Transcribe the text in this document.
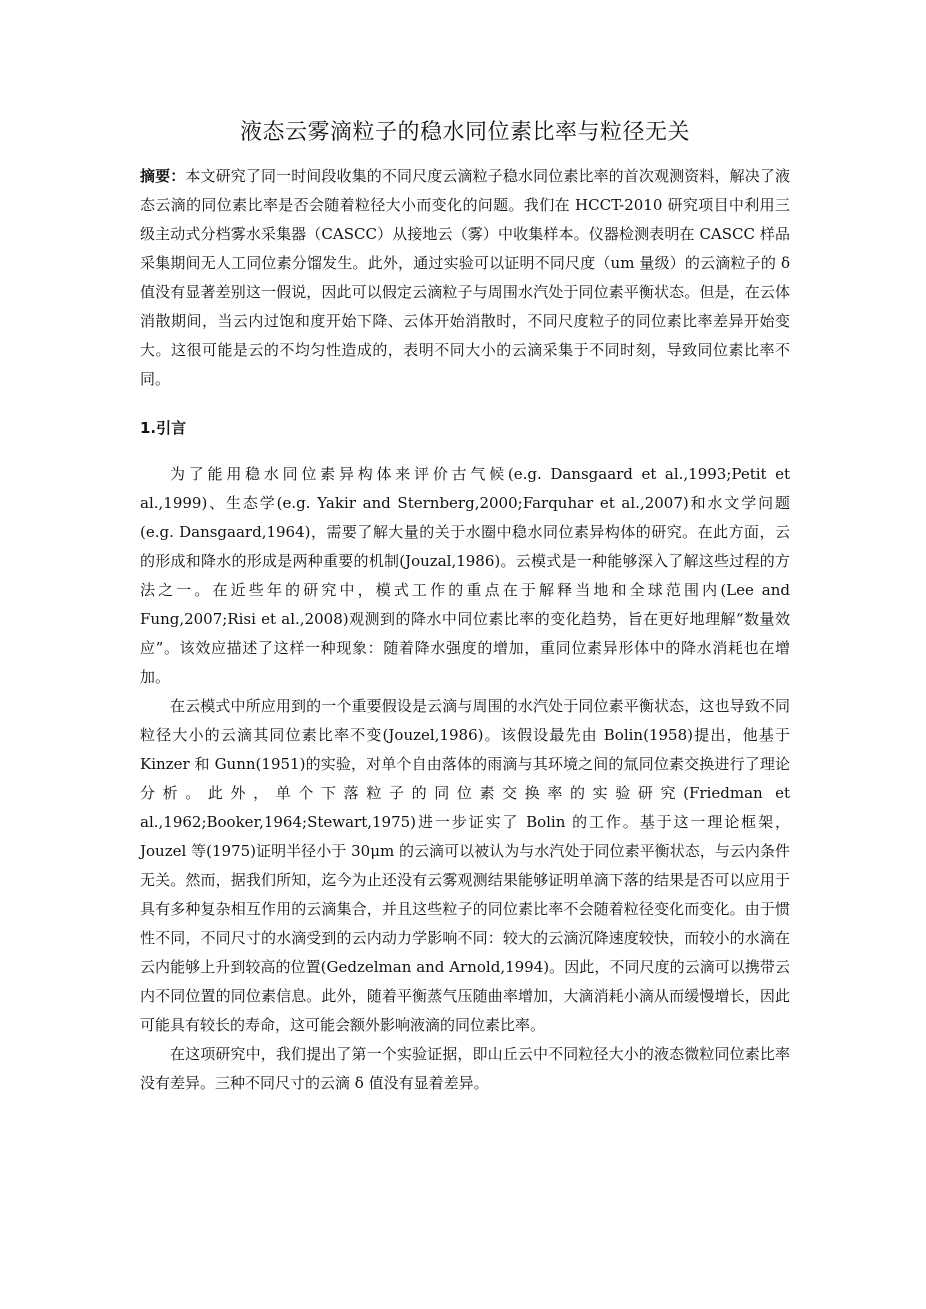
液态云雾滴粒子的稳水同位素比率与粒径无关

摘要：本文研究了同一时间段收集的不同尺度云滴粒子稳水同位素比率的首次观测资料，解决了液态云滴的同位素比率是否会随着粒径大小而变化的问题。我们在 HCCT-2010 研究项目中利用三级主动式分档雾水采集器（CASCC）从接地云（雾）中收集样本。仪器检测表明在 CASCC 样品采集期间无人工同位素分馏发生。此外，通过实验可以证明不同尺度（um 量级）的云滴粒子的 δ 值没有显著差别这一假说，因此可以假定云滴粒子与周围水汽处于同位素平衡状态。但是，在云体消散期间，当云内过饱和度开始下降、云体开始消散时，不同尺度粒子的同位素比率差异开始变大。这很可能是云的不均匀性造成的，表明不同大小的云滴采集于不同时刻，导致同位素比率不同。

1.引言

为了能用稳水同位素异构体来评价古气候(e.g. Dansgaard et al.,1993;Petit et al.,1999)、生态学(e.g. Yakir and Sternberg,2000;Farquhar et al.,2007)和水文学问题(e.g. Dansgaard,1964)，需要了解大量的关于水圈中稳水同位素异构体的研究。在此方面，云的形成和降水的形成是两种重要的机制(Jouzal,1986)。云模式是一种能够深入了解这些过程的方法之一。在近些年的研究中，模式工作的重点在于解释当地和全球范围内(Lee and Fung,2007;Risi et al.,2008)观测到的降水中同位素比率的变化趋势，旨在更好地理解“数量效应”。该效应描述了这样一种现象：随着降水强度的增加，重同位素异形体中的降水消耗也在增加。

在云模式中所应用到的一个重要假设是云滴与周围的水汽处于同位素平衡状态，这也导致不同粒径大小的云滴其同位素比率不变(Jouzel,1986)。该假设最先由 Bolin(1958)提出，他基于 Kinzer 和 Gunn(1951)的实验，对单个自由落体的雨滴与其环境之间的氚同位素交换进行了理论分析。此外，单个下落粒子的同位素交换率的实验研究(Friedman et al.,1962;Booker,1964;Stewart,1975)进一步证实了 Bolin 的工作。基于这一理论框架，Jouzel 等(1975)证明半径小于 30μm 的云滴可以被认为与水汽处于同位素平衡状态，与云内条件无关。然而，据我们所知，迄今为止还没有云雾观测结果能够证明单滴下落的结果是否可以应用于具有多种复杂相互作用的云滴集合，并且这些粒子的同位素比率不会随着粒径变化而变化。由于惯性不同，不同尺寸的水滴受到的云内动力学影响不同：较大的云滴沉降速度较快，而较小的水滴在云内能够上升到较高的位置(Gedzelman and Arnold,1994)。因此，不同尺度的云滴可以携带云内不同位置的同位素信息。此外，随着平衡蒸气压随曲率增加，大滴消耗小滴从而缓慢增长，因此可能具有较长的寿命，这可能会额外影响液滴的同位素比率。

在这项研究中，我们提出了第一个实验证据，即山丘云中不同粒径大小的液态微粒同位素比率没有差异。三种不同尺寸的云滴 δ 值没有显着差异。
